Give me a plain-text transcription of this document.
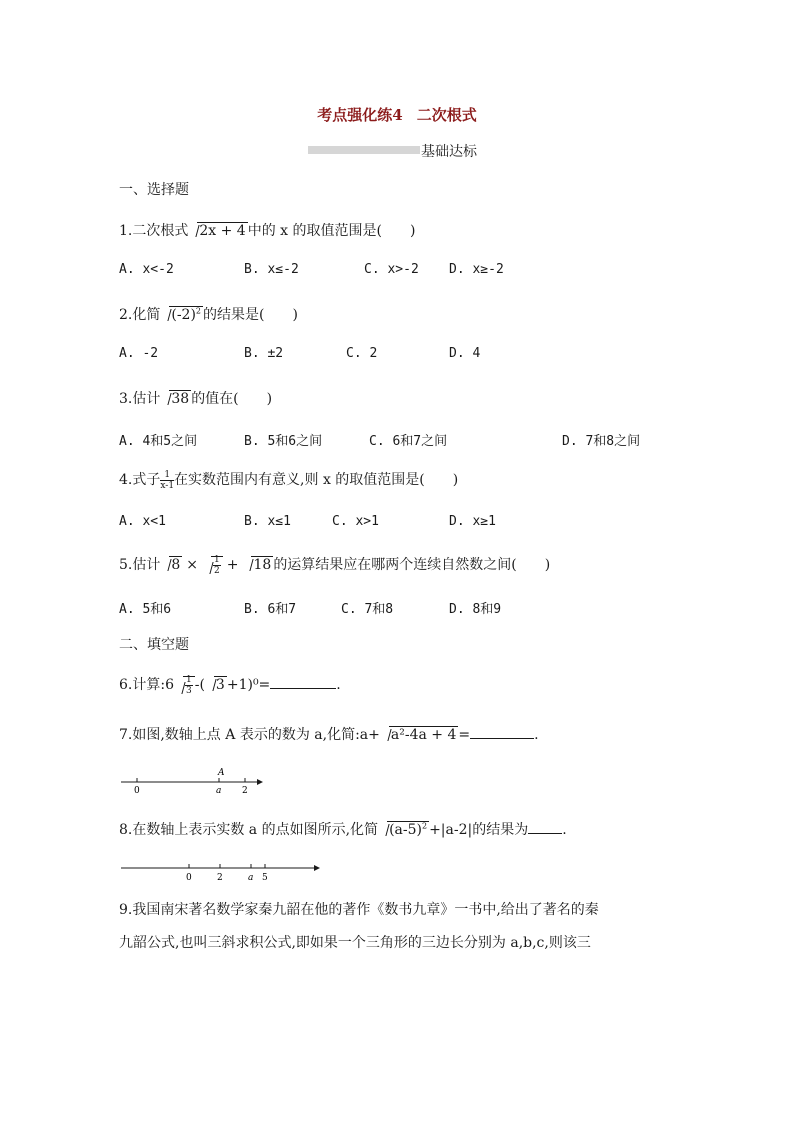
考点强化练4 二次根式
基础达标
一、选择题
1.二次根式 2x + 4 中的 x 的取值范围是(　　)
A. x<-2	B. x≤-2	C. x>-2 D. x≥-2
2.化简 $(-2)^2$ 的结果是(　　)
A. -2	B. ±2	C. 2	D. 4
3.估计 38 的值在(　　)
A. 4和5之间	B. 5和6之间	C. 6和7之间	D. 7和8之间
4.式子 $\frac{1}{x-1}$ 在实数范围内有意义,则 x 的取值范围是(　　)
A. x<1	B. x≤1	C. x>1	D. x≥1
5.估计 $8 \times \frac{1}{2} + 18$ 的运算结果应在哪两个连续自然数之间(　　)
A. 5和6	B. 6和7	C. 7和8	D. 8和9
二、填空题
6.计算:6 $\frac{1}{3}$ -( 3 +1)⁰=	.
7.如图,数轴上点 A 表示的数为 a,化简:a+ a²-4a + 4 =	.
A
0	a 2
8.在数轴上表示实数 a 的点如图所示,化简 $(a-5)^2 +|a-2|$的结果为 .
0	2	a 5
9.我国南宋著名数学家秦九韶在他的著作《数书九章》一书中,给出了著名的秦
九韶公式,也叫三斜求积公式,即如果一个三角形的三边长分别为 a,b,c,则该三
